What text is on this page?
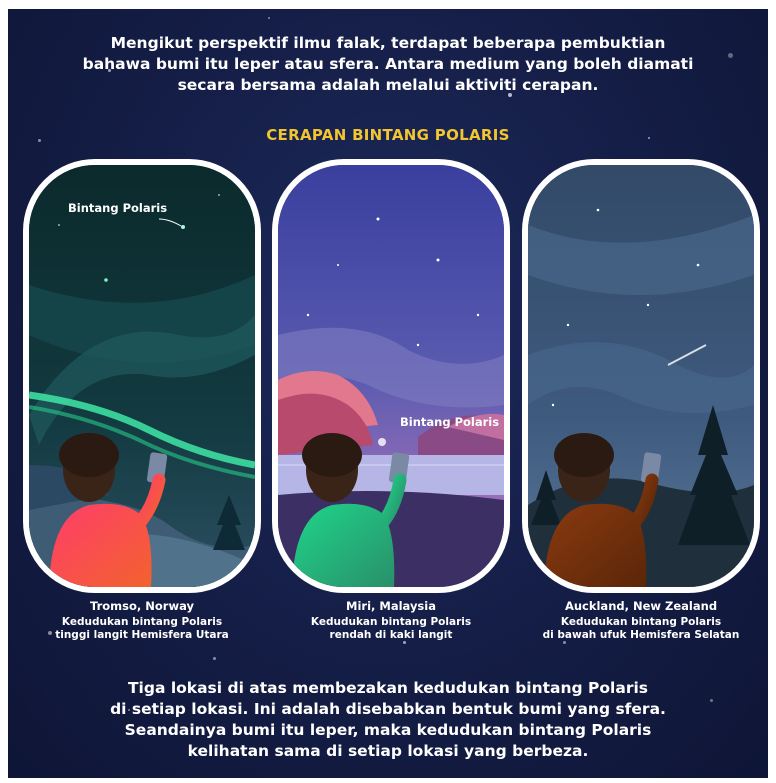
Mengikut perspektif ilmu falak, terdapat beberapa pembuktian
bahawa bumi itu leper atau sfera. Antara medium yang boleh diamati
secara bersama adalah melalui aktiviti cerapan.
CERAPAN BINTANG POLARIS
Bintang Polaris
Bintang Polaris
Tromso, Norway
Kedudukan bintang Polaris
tinggi langit Hemisfera Utara
Miri, Malaysia
Kedudukan bintang Polaris
rendah di kaki langit
Auckland, New Zealand
Kedudukan bintang Polaris
di bawah ufuk Hemisfera Selatan
Tiga lokasi di atas membezakan kedudukan bintang Polaris
di setiap lokasi. Ini adalah disebabkan bentuk bumi yang sfera.
Seandainya bumi itu leper, maka kedudukan bintang Polaris
kelihatan sama di setiap lokasi yang berbeza.
